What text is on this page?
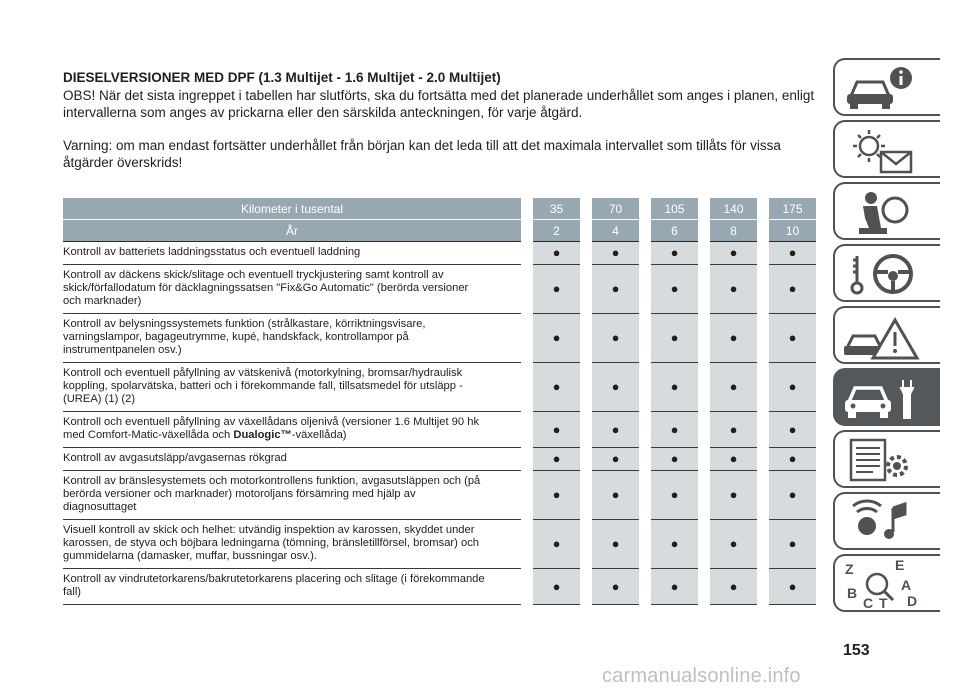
DIESELVERSIONER MED DPF (1.3 Multijet - 1.6 Multijet - 2.0 Multijet)
OBS! När det sista ingreppet i tabellen har slutförts, ska du fortsätta med det planerade underhållet som anges i planen, enligt intervallerna som anges av prickarna eller den särskilda anteckningen, för varje åtgärd.
Varning: om man endast fortsätter underhållet från början kan det leda till att det maximala intervallet som tillåts för vissa åtgärder överskrids!
Kilometer i tusental	35	70	105	140	175
År	2	4	6	8	10
Kontroll av batteriets laddningsstatus och eventuell laddning	●	●	●	●	●
Kontroll av däckens skick/slitage och eventuell tryckjustering samt kontroll av skick/förfallodatum för däcklagningssatsen "Fix&Go Automatic" (berörda versioner och marknader)	●	●	●	●	●
Kontroll av belysningssystemets funktion (strålkastare, körriktningsvisare, varningslampor, bagageutrymme, kupé, handskfack, kontrollampor på instrumentpanelen osv.)	●	●	●	●	●
Kontroll och eventuell påfyllning av vätskenivå (motorkylning, bromsar/hydraulisk koppling, spolarvätska, batteri och i förekommande fall, tillsatsmedel för utsläpp - (UREA) (1) (2)	●	●	●	●	●
Kontroll och eventuell påfyllning av växellådans oljenivå (versioner 1.6 Multijet 90 hk med Comfort-Matic-växellåda och Dualogic™-växellåda)	●	●	●	●	●
Kontroll av avgasutsläpp/avgasernas rökgrad	●	●	●	●	●
Kontroll av bränslesystemets och motorkontrollens funktion, avgasutsläppen och (på berörda versioner och marknader) motoroljans försämring med hjälp av diagnosuttaget	●	●	●	●	●
Visuell kontroll av skick och helhet: utvändig inspektion av karossen, skyddet under karossen, de styva och böjbara ledningarna (tömning, bränsletillförsel, bromsar) och gummidelarna (damasker, muffar, bussningar osv.).	●	●	●	●	●
Kontroll av vindrutetorkarens/bakrutetorkarens placering och slitage (i förekommande fall)	●	●	●	●	●
Z	E
B	A
C T D
153
carmanualsonline.info
